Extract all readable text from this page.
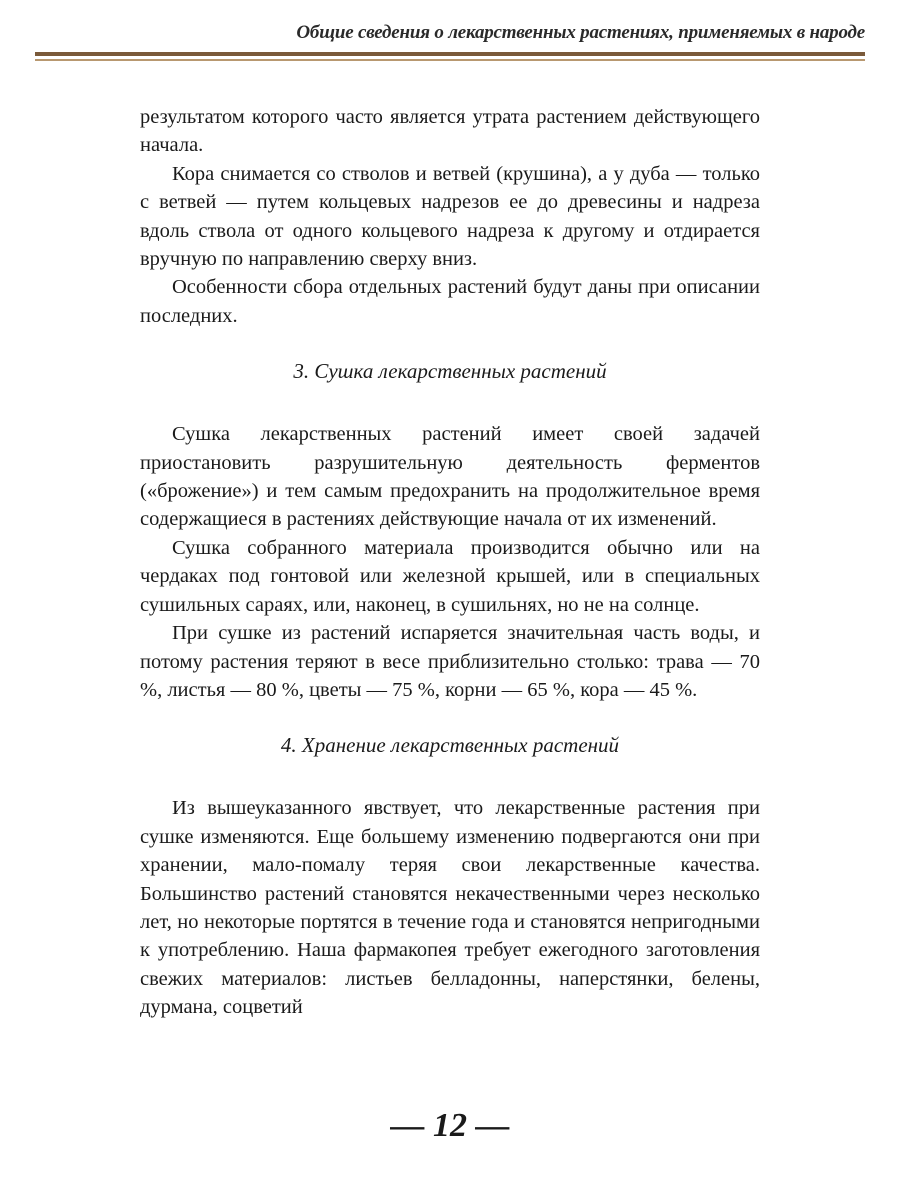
Общие сведения о лекарственных растениях, применяемых в народе

результатом которого часто является утрата растением действующего начала.

Кора снимается со стволов и ветвей (крушина), а у дуба — только с ветвей — путем кольцевых надрезов ее до древесины и надреза вдоль ствола от одного кольцевого надреза к другому и отдирается вручную по направлению сверху вниз.

Особенности сбора отдельных растений будут даны при описании последних.

3. Сушка лекарственных растений

Сушка лекарственных растений имеет своей задачей приостановить разрушительную деятельность ферментов («брожение») и тем самым предохранить на продолжительное время содержащиеся в растениях действующие начала от их изменений.

Сушка собранного материала производится обычно или на чердаках под гонтовой или железной крышей, или в специальных сушильных сараях, или, наконец, в сушильнях, но не на солнце.

При сушке из растений испаряется значительная часть воды, и потому растения теряют в весе приблизительно столько: трава — 70 %, листья — 80 %, цветы — 75 %, корни — 65 %, кора — 45 %.

4. Хранение лекарственных растений

Из вышеуказанного явствует, что лекарственные растения при сушке изменяются. Еще большему изменению подвергаются они при хранении, мало-помалу теряя свои лекарственные качества. Большинство растений становятся некачественными через несколько лет, но некоторые портятся в течение года и становятся непригодными к употреблению. Наша фармакопея требует ежегодного заготовления свежих материалов: листьев белладонны, наперстянки, белены, дурмана, соцветий

— 12 —
